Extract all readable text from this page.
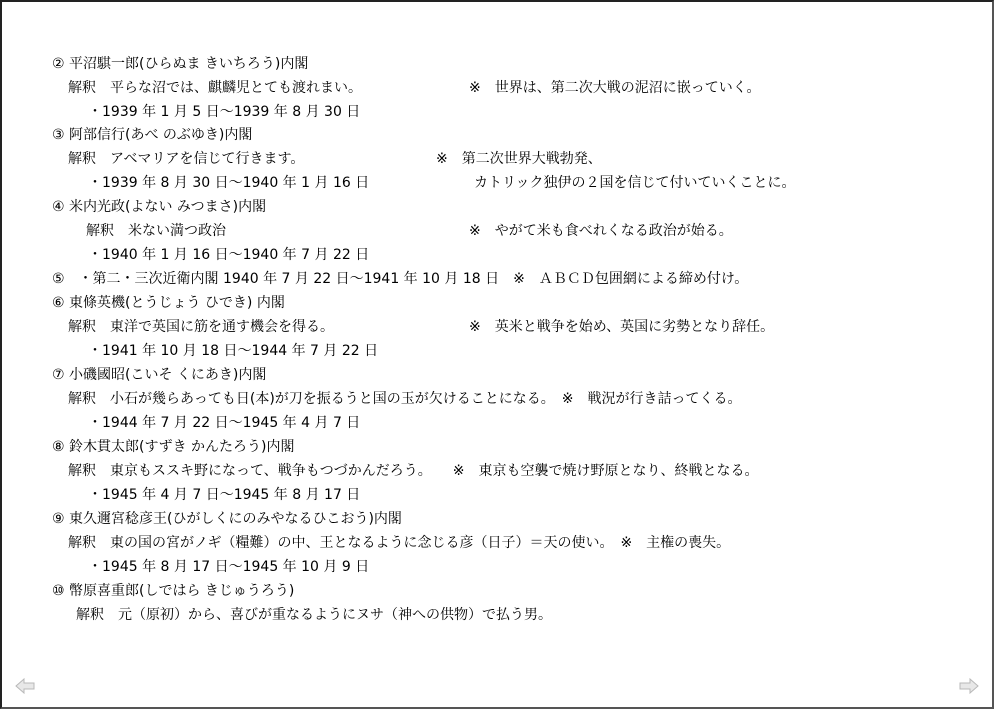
② 平沼騏一郎(ひらぬま きいちろう)内閣
解釈　平らな沼では、麒麟児とても渡れまい。	※　世界は、第二次大戦の泥沼に嵌っていく。
・1939 年 1 月 5 日〜1939 年 8 月 30 日
③ 阿部信行(あべ のぶゆき)内閣
解釈　アベマリアを信じて行きます。	※　第二次世界大戦勃発、
・1939 年 8 月 30 日〜1940 年 1 月 16 日	カトリック独伊の２国を信じて付いていくことに。
④ 米内光政(よない みつまさ)内閣
解釈　米ない満つ政治	※　やがて米も食べれくなる政治が始る。
・1940 年 1 月 16 日〜1940 年 7 月 22 日
⑤　・第二・三次近衛内閣 1940 年 7 月 22 日〜1941 年 10 月 18 日　※　ＡＢＣＤ包囲網による締め付け。
⑥ 東條英機(とうじょう ひでき) 内閣
解釈　東洋で英国に筋を通す機会を得る。	※　英米と戦争を始め、英国に劣勢となり辞任。
・1941 年 10 月 18 日〜1944 年 7 月 22 日
⑦ 小磯國昭(こいそ くにあき)内閣
解釈　小石が幾らあっても日(本)が刀を振るうと国の玉が欠けることになる。　※　戦況が行き詰ってくる。
・1944 年 7 月 22 日〜1945 年 4 月 7 日
⑧ 鈴木貫太郎(すずき かんたろう)内閣
解釈　東京もススキ野になって、戦争もつづかんだろう。　　※　東京も空襲で焼け野原となり、終戦となる。
・1945 年 4 月 7 日〜1945 年 8 月 17 日
⑨ 東久邇宮稔彦王(ひがしくにのみやなるひこおう)内閣
解釈　東の国の宮がノギ（糧難）の中、王となるように念じる彦（日子）＝天の使い。　※　主権の喪失。
・1945 年 8 月 17 日〜1945 年 10 月 9 日
⑩ 幣原喜重郎(しではら きじゅうろう)
解釈　元（原初）から、喜びが重なるようにヌサ（神への供物）で払う男。
